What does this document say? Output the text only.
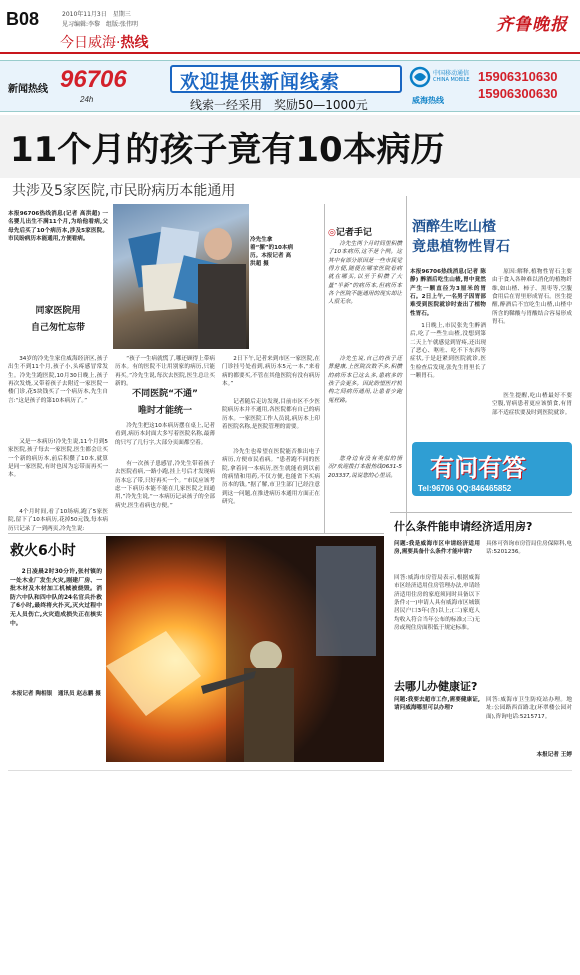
B08	2010年11月3日　星期三
见习编辑:李黎　组版:张伟明
今日威海·热线
齐鲁晚报
新闻热线 96706
24h
欢迎提供新闻线索
线索一经采用　奖励50—1000元
中国移动通信
CHINA MOBILE
威海热线
15906310630
15906300630
11个月的孩子竟有10本病历
共涉及5家医院,市民盼病历本能通用
冷先生拿着“摞”的10本病历。本报记者 高洪超 摄
本报96706热线消息(记者 高洪超) 一名婴儿出生不满11个月,为给他看病,父母先后买了10个病历本,涉及5家医院。市民盼病历本能通用,方便看病。
34岁的冷先生家住威海经济区,孩子出生不到11个月,孩子小,头疼感冒常发生。冷先生跑医院,10月30日晚上,孩子再次发烧,又带着孩子去附近一家医院一楼门诊,花5块钱买了一个病历本,先生自言:“这是孩子的第10本病历了。”
同家医院用
自己匆忙忘带
又是一本病历!冷先生说,11个月到5家医院,孩子每去一家医院,医生都会让买一个新的病历本,前后积攒了10本,就算是同一家医院,有时也因为忘带而再买一本。
4个月时间,看了10场病,跑了5家医院,留下了10本病历,花掉50元钱,每本病历只记录了一到两页,冷先生说:
“孩子一生病就慌了,哪还顾得上带病历本。有的医院不让用别家的病历,只能再买。”冷先生说,每次去医院,医生总让买新的。
不同医院“不通”
唯时才能统一
冷先生把这10本病历摆在桌上,记者看到,病历本封面大多写着医院名称,最薄的只写了几行字,大部分页面都空着。
有一次孩子患感冒,冷先生带着孩子去医院看病,一路小跑,挂上号后才发现病历本忘了带,只好再买一个。“市民应该考虑一下病历本能不能在几家医院之间通用,”冷先生说,“一本病历记录孩子的全部病史,医生看病也方便。”
2日下午,记者来到市区一家医院,在门诊挂号处看到,病历本5元一本,“来看病的都要买,不管在其他医院有没有病历本。”
记者随后走访发现,目前市区不少医院病历本并不通用,各医院都有自己的病历本。一家医院工作人员说,病历本上印着医院名称,是医院管理的需要。
冷先生也希望在医院能否推出电子病历,方便市民看病。“患者跑不同的医院,拿着同一本病历,医生就能看到以前的病情和用药,不仅方便,也能省下买病历本的钱。”据了解,市卫生部门已经注意到这一问题,在推进病历本通用方面正在研究。
◎记者手记
冷先生两个月时间里积攒了10本病历,这不是个例。这其中有部分原因是一些市民觉得方便,随便在哪家医院看病就在哪买,以至于积攒了大量“半新”的病历本,但病历本各个医院不能通用的现实却让人很无奈。
冷先生说,自己的孩子还算健康,上医院次数不多,积攒的病历本已这么多,患病多的孩子会更多。因此盼望医疗机构之间病历通用,让患者少跑冤枉路。
您身边有没有类似的情况?欢迎拨打本报热线0631-5203337,说说您的心里话。
酒醉生吃山楂
竟患植物性胃石
本报96706热线消息(记者 陈静) 醉酒后吃生山楂,胃中竟然产生一颗直径为3厘米的胃石。2日上午,一名男子因胃部难受到医院就诊时查出了植物性胃石。
1日晚上,市民张先生醉酒后,吃了一些生山楂,没想到第二天上午就感觉到胃疼,还出现了恶心、呕吐、吃不下东西等症状,于是赶紧到医院就诊,医生检查后发现,张先生胃里长了一颗胃石。
原因:解释,植物性胃石主要由于食入各种难以消化的植物纤维,如山楂、柿子、黑枣等,空腹食用后在胃里形成胃石。医生提醒,醉酒后不宜吃生山楂,山楂中所含的鞣酸与胃酸结合容易形成胃石。
医生提醒,吃山楂最好不要空腹,胃病患者更应该慎食,有胃部不适症状要及时到医院就诊。
有问有答
Tel:96706 QQ:846465852
什么条件能申请经济适用房?
问题:我是威海市区申请经济适用房,需要具备什么条件才能申请?
回答:威海市房管局表示,根据威海市区经济适用住房管理办法,申请经济适用住房的家庭须同时具备以下条件:(一)申请人具有威海市区城镇居民户口3年(含)以上;(二)家庭人均收入符合当年公布的标准;(三)无房或现住房面积低于规定标准。
具体可咨询市房管局住房保障科,电话:5201236。
去哪儿办健康证?
问题:我要去超市工作,需要健康证,请问威海哪里可以办理?
回答:威海市卫生防疫站办理。地址:公园路西首路北(环翠楼公园对面),咨询电话:5215717。
本报记者 王婷
救火6小时
2日凌晨2时30分许,张村镇的一处木业厂发生火灾,刚建厂房、一批木材及木材加工机械被烧毁。消防六中队和四中队的24名官兵扑救了6小时,最终将火扑灭,灭火过程中无人员伤亡,火灾造成损失正在核实中。
本报记者 陶相银　通讯员 赵志鹏 摄
